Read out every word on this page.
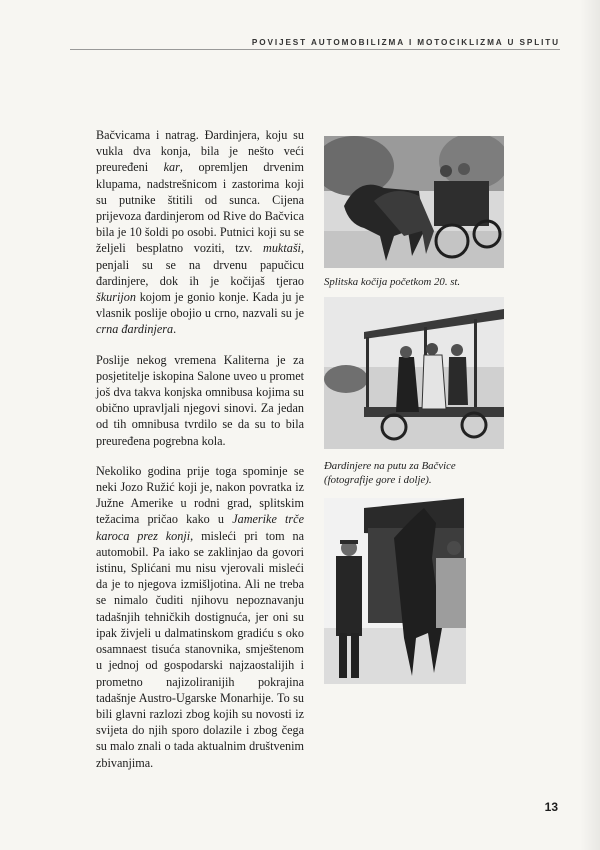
POVIJEST AUTOMOBILIZMA I MOTOCIKLIZMA U SPLITU

Bačvicama i natrag. Đardinjera, koju su vukla dva konja, bila je nešto veći preuređeni kar, opremljen drvenim klupama, nadstrešnicom i zastorima koji su putnike štitili od sunca. Cijena prijevoza đardinjerom od Rive do Bačvica bila je 10 šoldi po osobi. Putnici koji su se željeli besplatno voziti, tzv. muktaši, penjali su se na drvenu papučicu đardinjere, dok ih je kočijaš tjerao škurijon kojom je gonio konje. Kada ju je vlasnik poslije obojio u crno, nazvali su je crna đardinjera.

Poslije nekog vremena Kaliterna je za posjetitelje iskopina Salone uveo u promet još dva takva konjska omnibusa kojima su obično upravljali njegovi sinovi. Za jedan od tih omnibusa tvrdilo se da su to bila preuređena pogrebna kola.

Nekoliko godina prije toga spominje se neki Jozo Ružić koji je, nakon povratka iz Južne Amerike u rodni grad, splitskim težacima pričao kako u Jamerike trče karoca prez konji, misleći pri tom na automobil. Pa iako se zaklinjao da govori istinu, Splićani mu nisu vjerovali misleći da je to njegova izmišljotina. Ali ne treba se nimalo čuditi njihovu nepoznavanju tadašnjih tehničkih dostignuća, jer oni su ipak živjeli u dalmatinskom gradiću s oko osamnaest tisuća stanovnika, smještenom u jednoj od gospodarski najzaostalijih i prometno najizoliranijih pokrajina tadašnje Austro-Ugarske Monarhije. To su bili glavni razlozi zbog kojih su novosti iz svijeta do njih sporo dolazile i zbog čega su malo znali o tada aktualnim društvenim zbivanjima.

Splitska kočija početkom 20. st.
Đardinjere na putu za Bačvice
(fotografije gore i dolje).
13
